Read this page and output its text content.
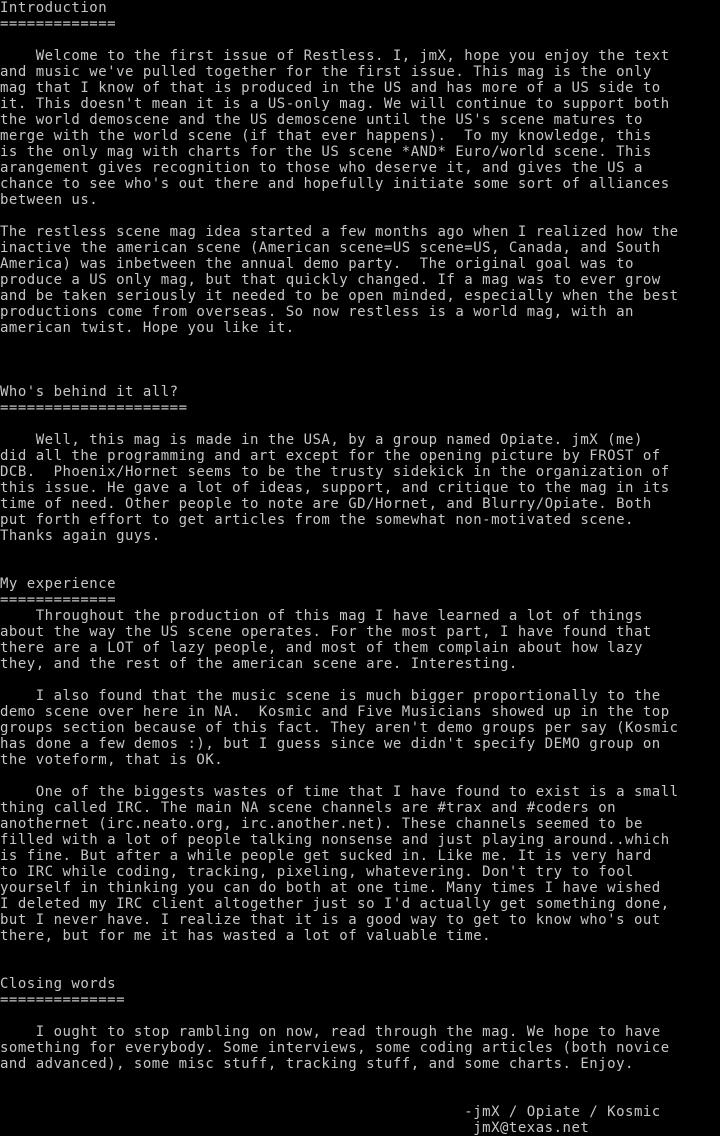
Introduction
=============
Welcome to the first issue of Restless. I, jmX, hope you enjoy the text
and music we've pulled together for the first issue. This mag is the only
mag that I know of that is produced in the US and has more of a US side to
it. This doesn't mean it is a US-only mag. We will continue to support both
the world demoscene and the US demoscene until the US's scene matures to
merge with the world scene (if that ever happens).  To my knowledge, this
is the only mag with charts for the US scene *AND* Euro/world scene. This
arangement gives recognition to those who deserve it, and gives the US a
chance to see who's out there and hopefully initiate some sort of alliances
between us.
The restless scene mag idea started a few months ago when I realized how the
inactive the american scene (American scene=US scene=US, Canada, and South
America) was inbetween the annual demo party.  The original goal was to
produce a US only mag, but that quickly changed. If a mag was to ever grow
and be taken seriously it needed to be open minded, especially when the best
productions come from overseas. So now restless is a world mag, with an
american twist. Hope you like it.
Who's behind it all?
=====================
Well, this mag is made in the USA, by a group named Opiate. jmX (me)
did all the programming and art except for the opening picture by FROST of
DCB.  Phoenix/Hornet seems to be the trusty sidekick in the organization of
this issue. He gave a lot of ideas, support, and critique to the mag in its
time of need. Other people to note are GD/Hornet, and Blurry/Opiate. Both
put forth effort to get articles from the somewhat non-motivated scene.
Thanks again guys.
My experience
=============
Throughout the production of this mag I have learned a lot of things
about the way the US scene operates. For the most part, I have found that
there are a LOT of lazy people, and most of them complain about how lazy
they, and the rest of the american scene are. Interesting.
I also found that the music scene is much bigger proportionally to the
demo scene over here in NA.  Kosmic and Five Musicians showed up in the top
groups section because of this fact. They aren't demo groups per say (Kosmic
has done a few demos :), but I guess since we didn't specify DEMO group on
the voteform, that is OK.
One of the biggests wastes of time that I have found to exist is a small
thing called IRC. The main NA scene channels are #trax and #coders on
anothernet (irc.neato.org, irc.another.net). These channels seemed to be
filled with a lot of people talking nonsense and just playing around..which
is fine. But after a while people get sucked in. Like me. It is very hard
to IRC while coding, tracking, pixeling, whatevering. Don't try to fool
yourself in thinking you can do both at one time. Many times I have wished
I deleted my IRC client altogether just so I'd actually get something done,
but I never have. I realize that it is a good way to get to know who's out
there, but for me it has wasted a lot of valuable time.
Closing words
==============
I ought to stop rambling on now, read through the mag. We hope to have
something for everybody. Some interviews, some coding articles (both novice
and advanced), some misc stuff, tracking stuff, and some charts. Enjoy.
-jmX / Opiate / Kosmic
jmX@texas.net
